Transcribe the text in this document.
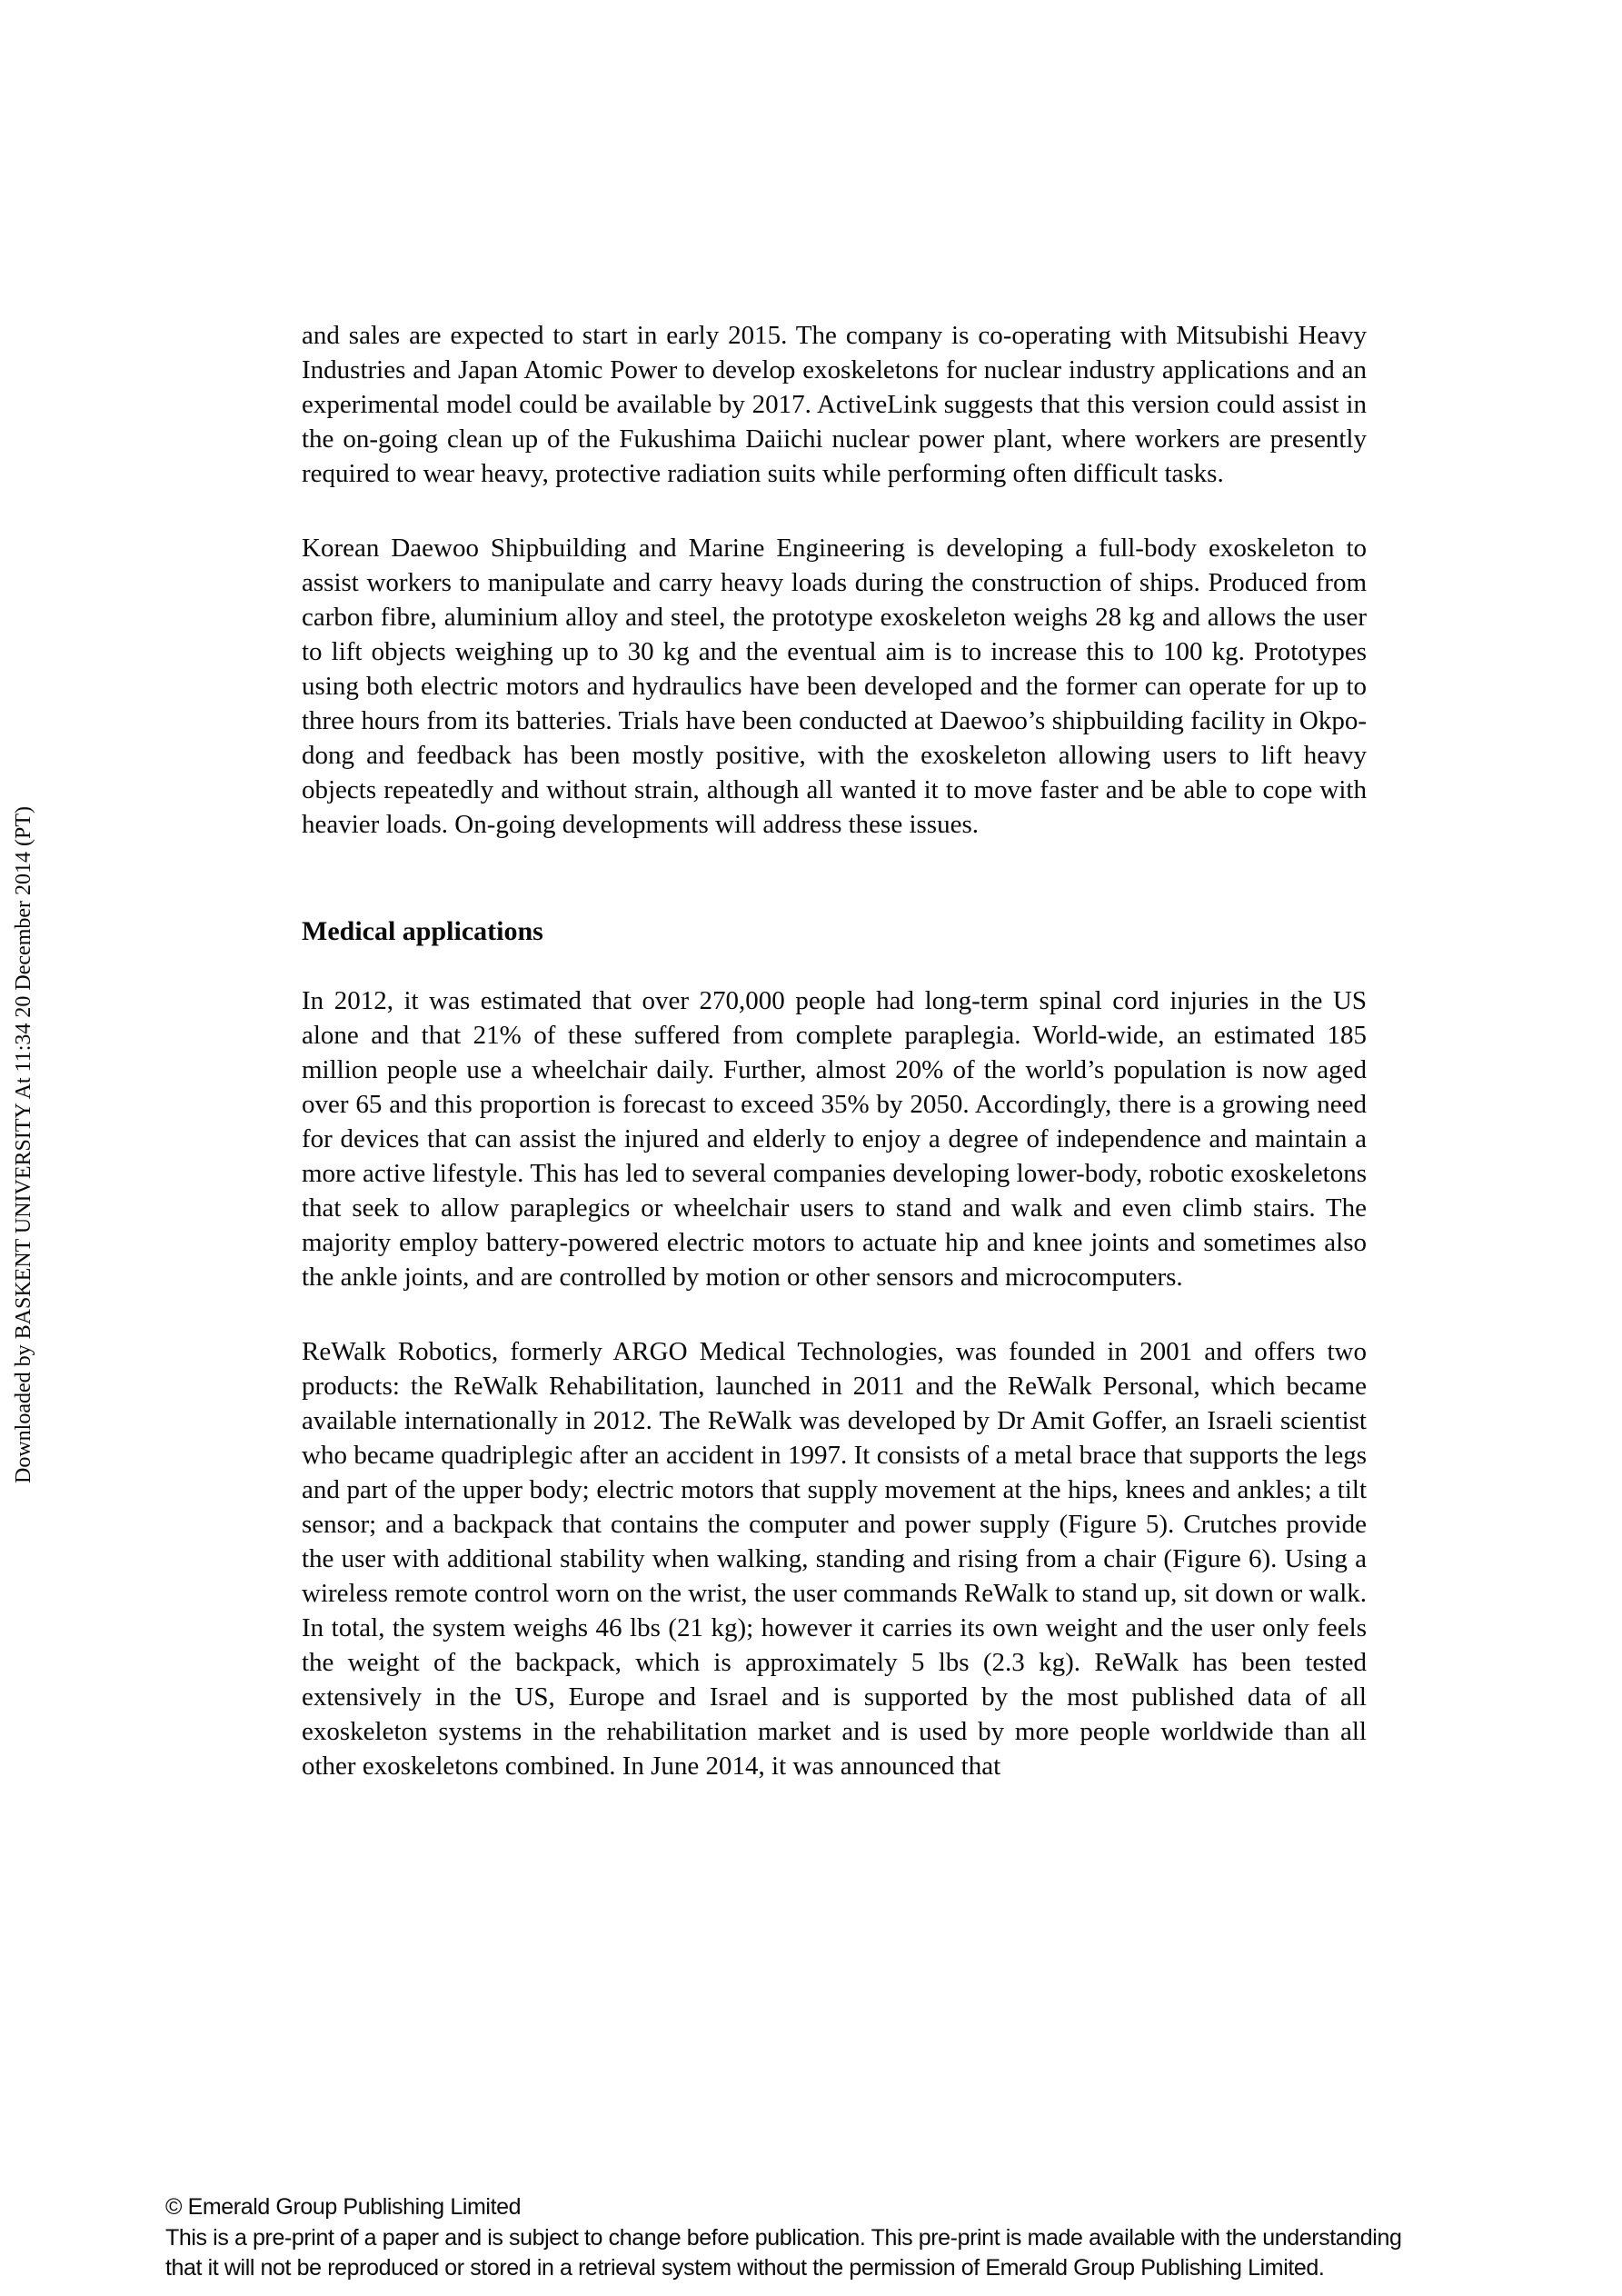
Downloaded by BASKENT UNIVERSITY At 11:34 20 December 2014 (PT)

and sales are expected to start in early 2015. The company is co-operating with Mitsubishi Heavy Industries and Japan Atomic Power to develop exoskeletons for nuclear industry applications and an experimental model could be available by 2017. ActiveLink suggests that this version could assist in the on-going clean up of the Fukushima Daiichi nuclear power plant, where workers are presently required to wear heavy, protective radiation suits while performing often difficult tasks.

Korean Daewoo Shipbuilding and Marine Engineering is developing a full-body exoskeleton to assist workers to manipulate and carry heavy loads during the construction of ships. Produced from carbon fibre, aluminium alloy and steel, the prototype exoskeleton weighs 28 kg and allows the user to lift objects weighing up to 30 kg and the eventual aim is to increase this to 100 kg. Prototypes using both electric motors and hydraulics have been developed and the former can operate for up to three hours from its batteries. Trials have been conducted at Daewoo’s shipbuilding facility in Okpo-dong and feedback has been mostly positive, with the exoskeleton allowing users to lift heavy objects repeatedly and without strain, although all wanted it to move faster and be able to cope with heavier loads. On-going developments will address these issues.

Medical applications

In 2012, it was estimated that over 270,000 people had long-term spinal cord injuries in the US alone and that 21% of these suffered from complete paraplegia. World-wide, an estimated 185 million people use a wheelchair daily. Further, almost 20% of the world’s population is now aged over 65 and this proportion is forecast to exceed 35% by 2050. Accordingly, there is a growing need for devices that can assist the injured and elderly to enjoy a degree of independence and maintain a more active lifestyle. This has led to several companies developing lower-body, robotic exoskeletons that seek to allow paraplegics or wheelchair users to stand and walk and even climb stairs. The majority employ battery-powered electric motors to actuate hip and knee joints and sometimes also the ankle joints, and are controlled by motion or other sensors and microcomputers.

ReWalk Robotics, formerly ARGO Medical Technologies, was founded in 2001 and offers two products: the ReWalk Rehabilitation, launched in 2011 and the ReWalk Personal, which became available internationally in 2012. The ReWalk was developed by Dr Amit Goffer, an Israeli scientist who became quadriplegic after an accident in 1997. It consists of a metal brace that supports the legs and part of the upper body; electric motors that supply movement at the hips, knees and ankles; a tilt sensor; and a backpack that contains the computer and power supply (Figure 5). Crutches provide the user with additional stability when walking, standing and rising from a chair (Figure 6). Using a wireless remote control worn on the wrist, the user commands ReWalk to stand up, sit down or walk. In total, the system weighs 46 lbs (21 kg); however it carries its own weight and the user only feels the weight of the backpack, which is approximately 5 lbs (2.3 kg). ReWalk has been tested extensively in the US, Europe and Israel and is supported by the most published data of all exoskeleton systems in the rehabilitation market and is used by more people worldwide than all other exoskeletons combined. In June 2014, it was announced that

© Emerald Group Publishing Limited
This is a pre-print of a paper and is subject to change before publication. This pre-print is made available with the understanding
that it will not be reproduced or stored in a retrieval system without the permission of Emerald Group Publishing Limited.
